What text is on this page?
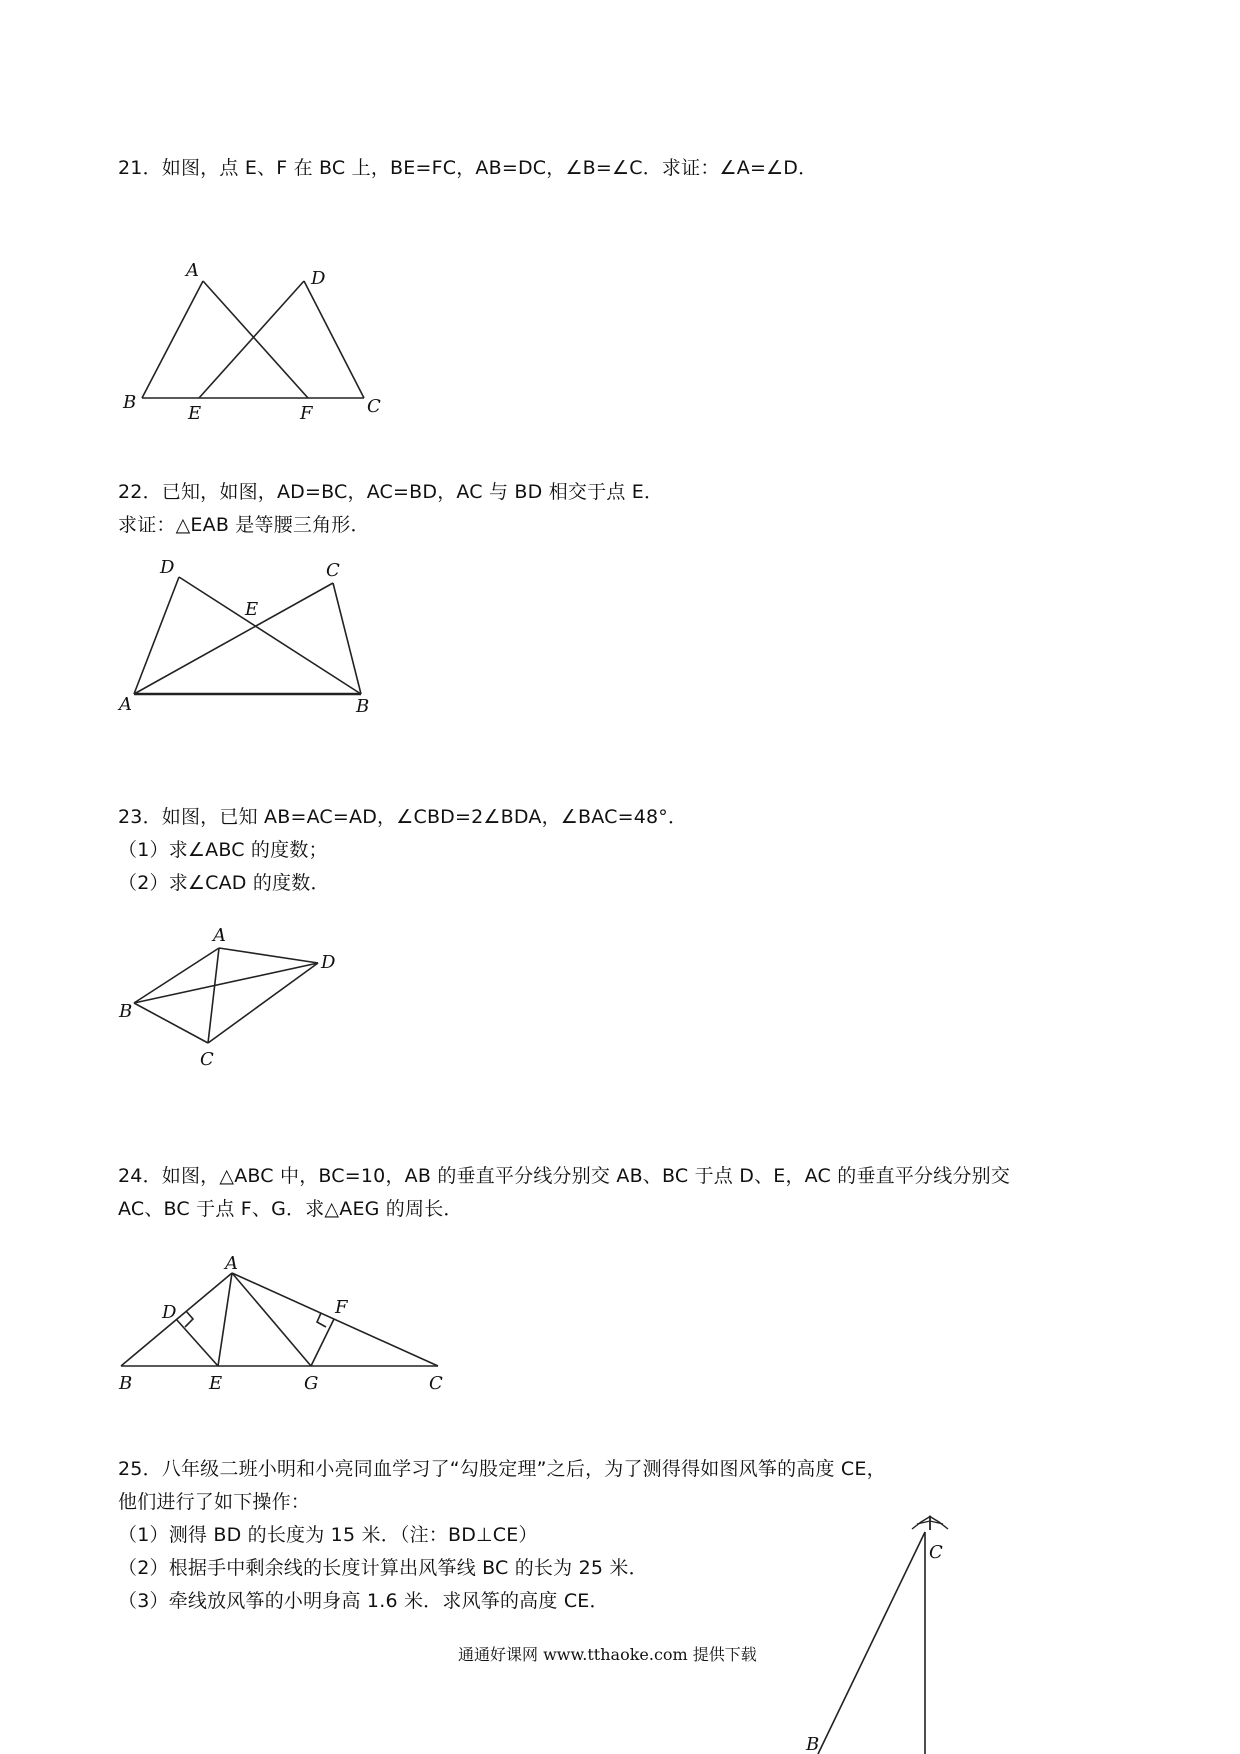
21．如图，点 E、F 在 BC 上，BE=FC，AB=DC，∠B=∠C．求证：∠A=∠D．
A	D
B
E	F	C
22．已知，如图，AD=BC，AC=BD，AC 与 BD 相交于点 E．
求证：△EAB 是等腰三角形．
D	C
E
A	B
23．如图，已知 AB=AC=AD，∠CBD=2∠BDA，∠BAC=48°．
（1）求∠ABC 的度数；
（2）求∠CAD 的度数．
A
D
B
C
24．如图，△ABC 中，BC=10，AB 的垂直平分线分别交 AB、BC 于点 D、E，AC 的垂直平分线分别交
AC、BC 于点 F、G．求△AEG 的周长．
A
D	F
B	E	G	C
25．八年级二班小明和小亮同血学习了“勾股定理”之后，为了测得得如图风筝的高度 CE，
他们进行了如下操作：
（1）测得 BD 的长度为 15 米．（注：BD⊥CE）
（2）根据手中剩余线的长度计算出风筝线 BC 的长为 25 米．
（3）牵线放风筝的小明身高 1.6 米．求风筝的高度 CE．
C
B
通通好课网 www.tthaoke.com 提供下载
